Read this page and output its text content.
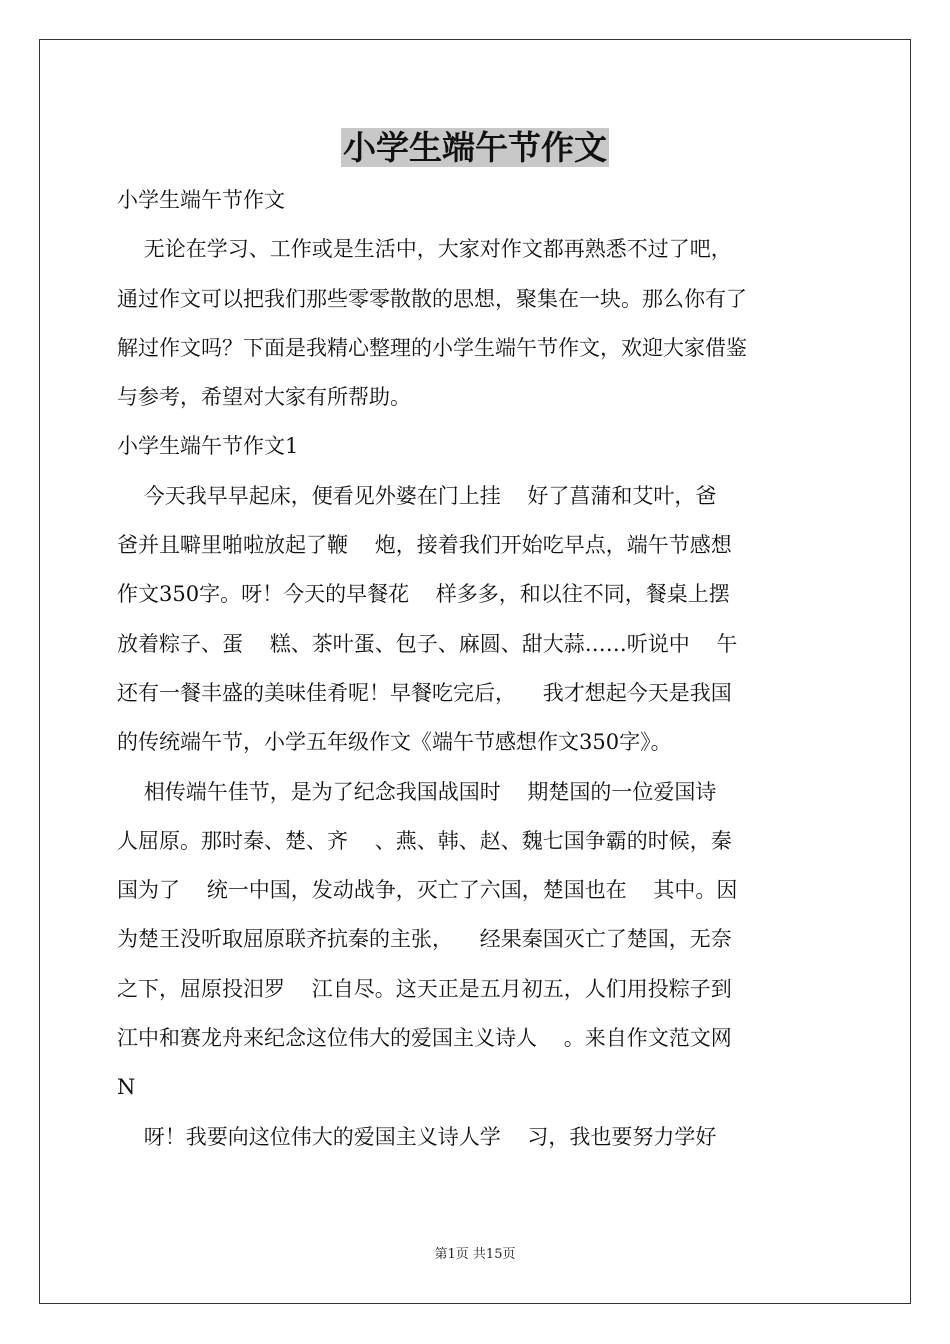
小学生端午节作文

小学生端午节作文

无论在学习、工作或是生活中，大家对作文都再熟悉不过了吧，

通过作文可以把我们那些零零散散的思想，聚集在一块。那么你有了

解过作文吗？下面是我精心整理的小学生端午节作文，欢迎大家借鉴

与参考，希望对大家有所帮助。

小学生端午节作文1

今天我早早起床，便看见外婆在门上挂    好了菖蒲和艾叶，爸

爸并且噼里啪啦放起了鞭    炮，接着我们开始吃早点，端午节感想

作文350字。呀！今天的早餐花    样多多，和以往不同，餐桌上摆

放着粽子、蛋    糕、茶叶蛋、包子、麻圆、甜大蒜……听说中    午

还有一餐丰盛的美味佳肴呢！早餐吃完后，    我才想起今天是我国

的传统端午节，小学五年级作文《端午节感想作文350字》。

相传端午佳节，是为了纪念我国战国时    期楚国的一位爱国诗

人屈原。那时秦、楚、齐    、燕、韩、赵、魏七国争霸的时候，秦

国为了    统一中国，发动战争，灭亡了六国，楚国也在    其中。因

为楚王没听取屈原联齐抗秦的主张，    经果秦国灭亡了楚国，无奈

之下，屈原投汨罗    江自尽。这天正是五月初五，人们用投粽子到

江中和赛龙舟来纪念这位伟大的爱国主义诗人    。来自作文范文网

N

呀！我要向这位伟大的爱国主义诗人学    习，我也要努力学好

第1页 共15页
